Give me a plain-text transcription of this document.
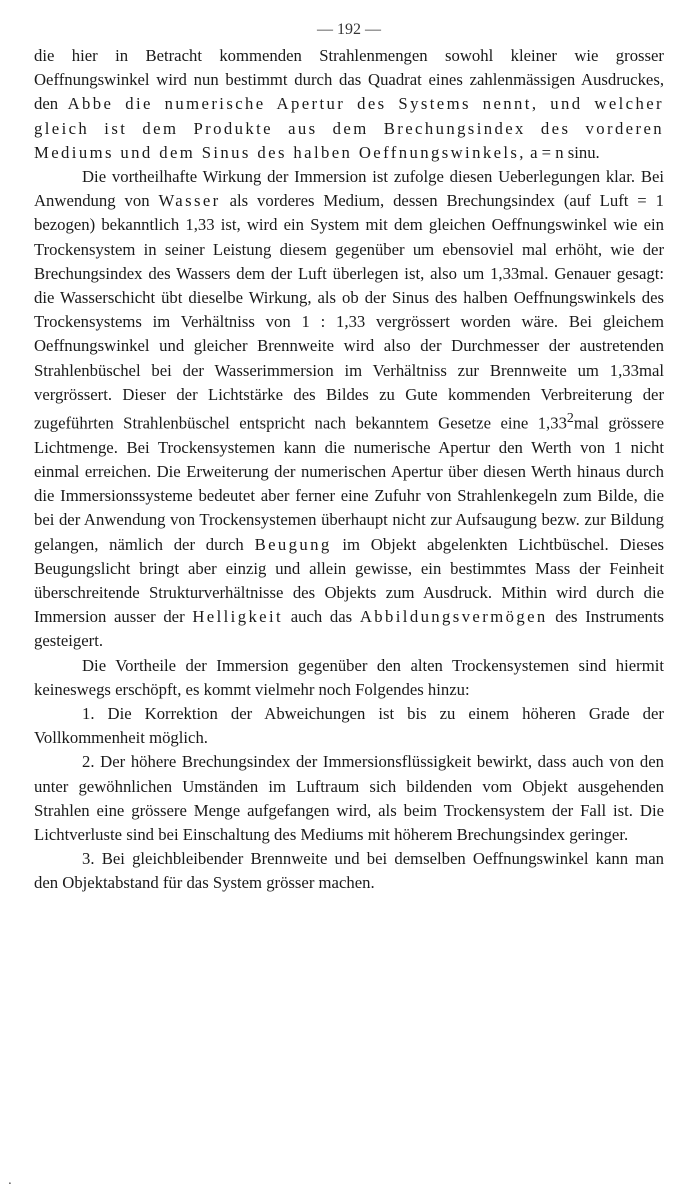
— 192 —

die hier in Betracht kommenden Strahlenmengen sowohl kleiner wie grosser Oeffnungswinkel wird nun bestimmt durch das Quadrat eines zahlenmässigen Ausdruckes, den Abbe die numerische Apertur des Systems nennt, und welcher gleich ist dem Produkte aus dem Brechungsindex des vorderen Mediums und dem Sinus des halben Oeffnungswinkels, a = n sinu.

Die vortheilhafte Wirkung der Immersion ist zufolge diesen Ueberlegungen klar. Bei Anwendung von Wasser als vorderes Medium, dessen Brechungsindex (auf Luft = 1 bezogen) bekanntlich 1,33 ist, wird ein System mit dem gleichen Oeffnungswinkel wie ein Trockensystem in seiner Leistung diesem gegenüber um ebensoviel mal erhöht, wie der Brechungsindex des Wassers dem der Luft überlegen ist, also um 1,33mal. Genauer gesagt: die Wasserschicht übt dieselbe Wirkung, als ob der Sinus des halben Oeffnungswinkels des Trockensystems im Verhältniss von 1 : 1,33 vergrössert worden wäre. Bei gleichem Oeffnungswinkel und gleicher Brennweite wird also der Durchmesser der austretenden Strahlenbüschel bei der Wasserimmersion im Verhältniss zur Brennweite um 1,33mal vergrössert. Dieser der Lichtstärke des Bildes zu Gute kommenden Verbreiterung der zugeführten Strahlenbüschel entspricht nach bekanntem Gesetze eine 1,33$^2$mal grössere Lichtmenge. Bei Trockensystemen kann die numerische Apertur den Werth von 1 nicht einmal erreichen. Die Erweiterung der numerischen Apertur über diesen Werth hinaus durch die Immersionssysteme bedeutet aber ferner eine Zufuhr von Strahlenkegeln zum Bilde, die bei der Anwendung von Trockensystemen überhaupt nicht zur Aufsaugung bezw. zur Bildung gelangen, nämlich der durch Beugung im Objekt abgelenkten Lichtbüschel. Dieses Beugungslicht bringt aber einzig und allein gewisse, ein bestimmtes Mass der Feinheit überschreitende Strukturverhältnisse des Objekts zum Ausdruck. Mithin wird durch die Immersion ausser der Helligkeit auch das Abbildungsvermögen des Instruments gesteigert.

Die Vortheile der Immersion gegenüber den alten Trockensystemen sind hiermit keineswegs erschöpft, es kommt vielmehr noch Folgendes hinzu:

1. Die Korrektion der Abweichungen ist bis zu einem höheren Grade der Vollkommenheit möglich.

2. Der höhere Brechungsindex der Immersionsflüssigkeit bewirkt, dass auch von den unter gewöhnlichen Umständen im Luftraum sich bildenden vom Objekt ausgehenden Strahlen eine grössere Menge aufgefangen wird, als beim Trockensystem der Fall ist. Die Lichtverluste sind bei Einschaltung des Mediums mit höherem Brechungsindex geringer.

3. Bei gleichbleibender Brennweite und bei demselben Oeffnungswinkel kann man den Objektabstand für das System grösser machen.

.
